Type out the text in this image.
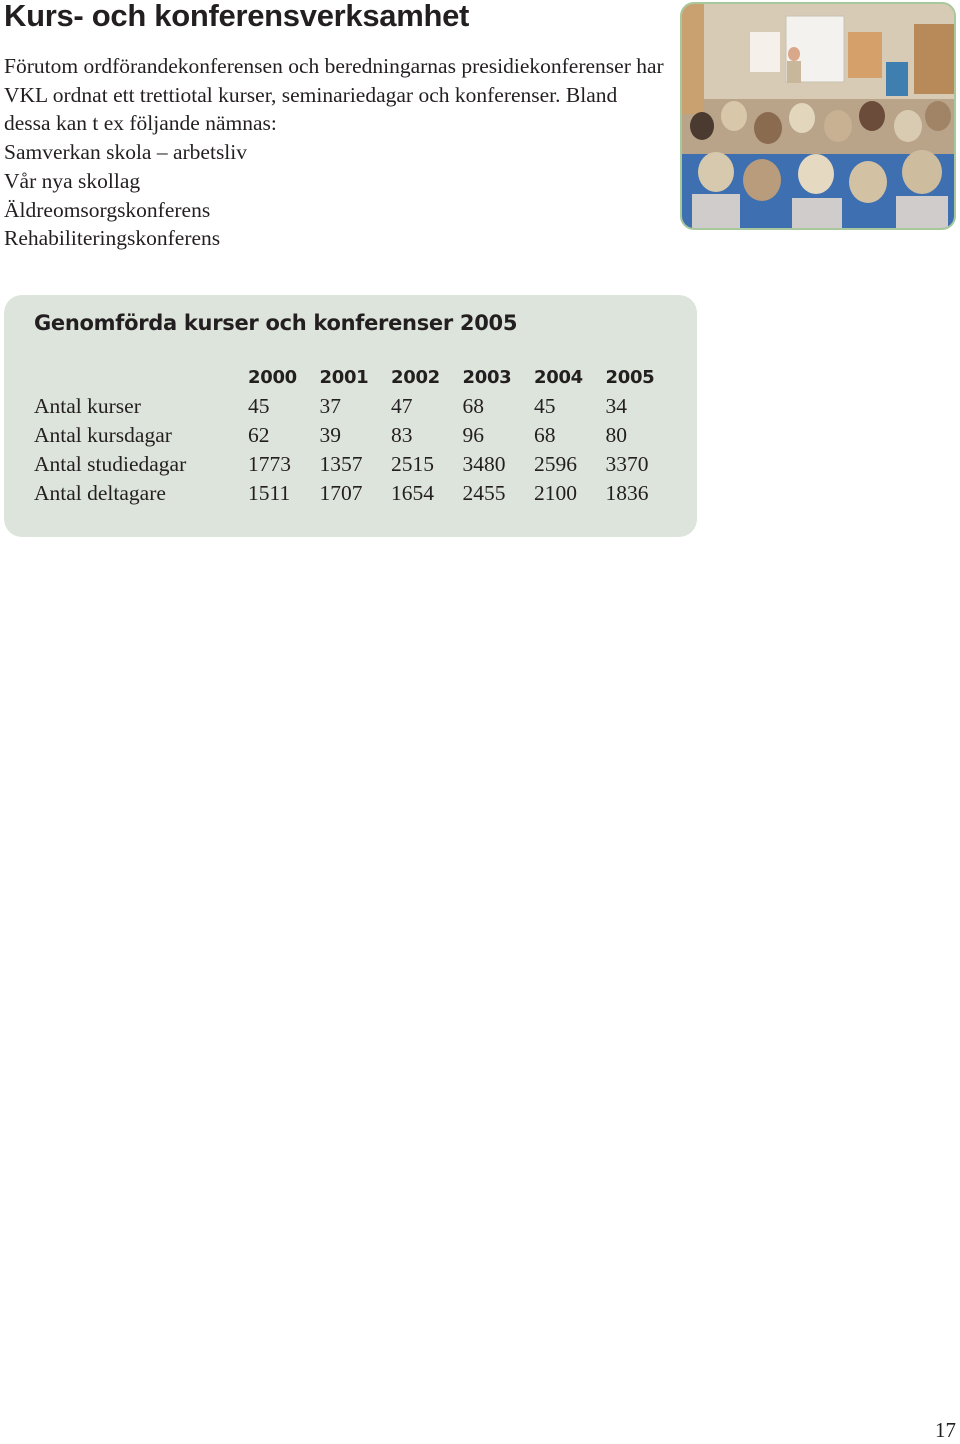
Kurs- och konferensverksamhet

Förutom ordförandekonferensen och beredningarnas presidiekonferenser har VKL ordnat ett trettiotal kurser, seminariedagar och konferenser. Bland dessa kan t ex följande nämnas:

Samverkan skola – arbetsliv
Vår nya skollag
Äldreomsorgskonferens
Rehabiliteringskonferens
Genomförda kurser och konferenser 2005
	2000	2001	2002	2003	2004	2005
Antal kurser	45	37	47	68	45	34
Antal kursdagar	62	39	83	96	68	80
Antal studiedagar	1773	1357	2515	3480	2596	3370
Antal deltagare	1511	1707	1654	2455	2100	1836
17
